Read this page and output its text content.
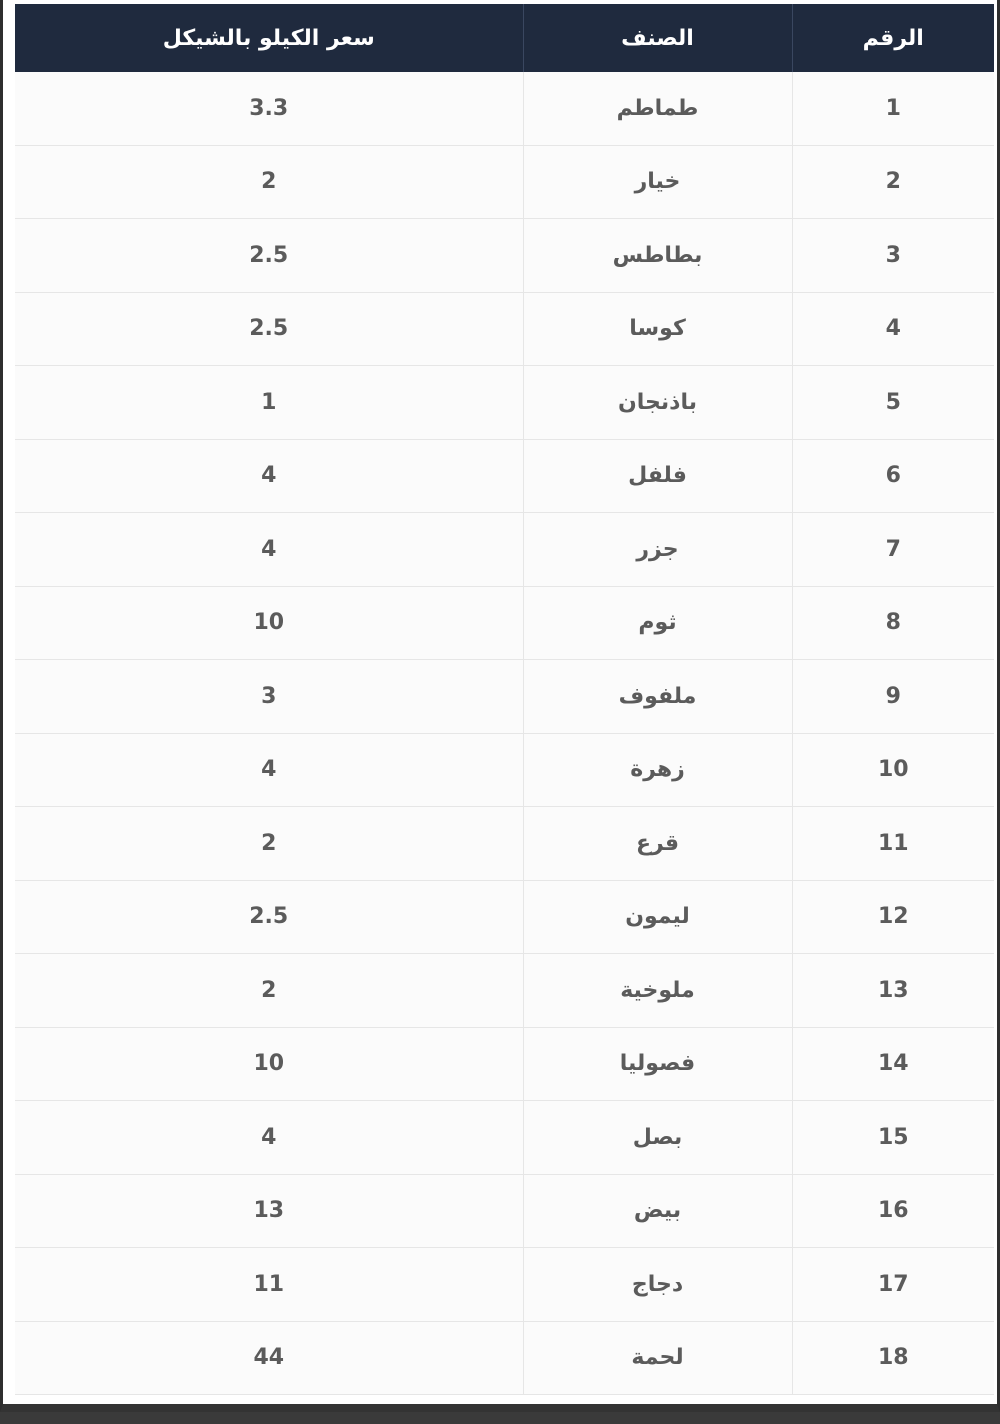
الرقم	الصنف	سعر الكيلو بالشيكل
1	طماطم	3.3
2	خيار	2
3	بطاطس	2.5
4	كوسا	2.5
5	باذنجان	1
6	فلفل	4
7	جزر	4
8	ثوم	10
9	ملفوف	3
10	زهرة	4
11	قرع	2
12	ليمون	2.5
13	ملوخية	2
14	فصوليا	10
15	بصل	4
16	بيض	13
17	دجاج	11
18	لحمة	44
